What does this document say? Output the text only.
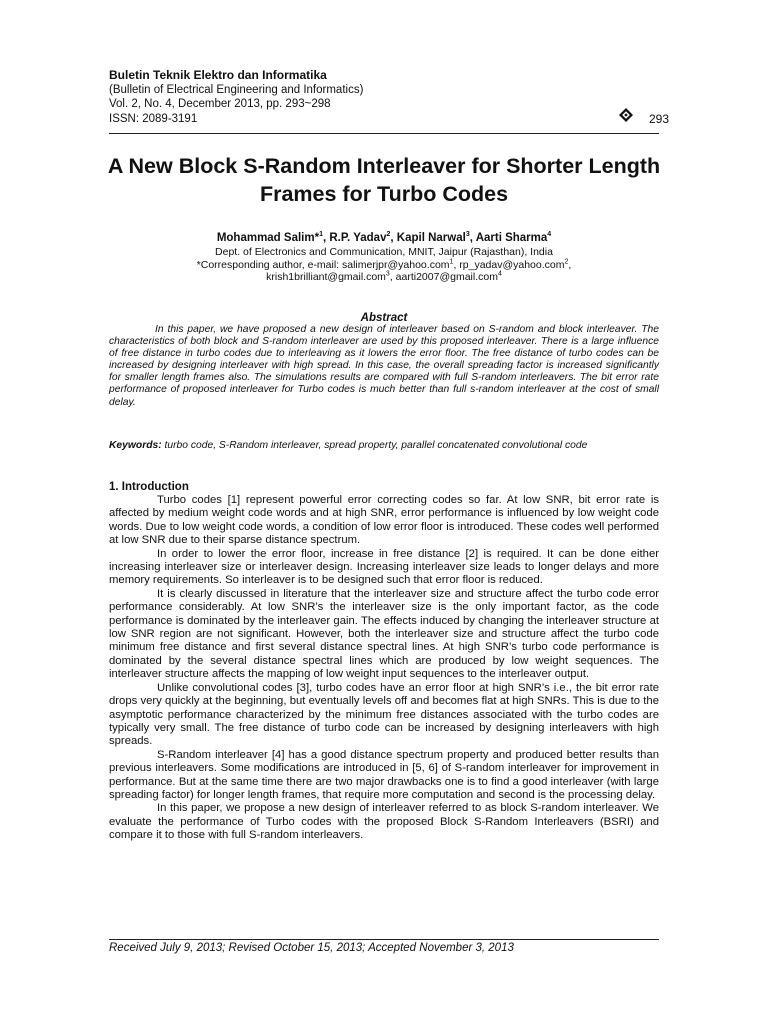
Buletin Teknik Elektro dan Informatika
(Bulletin of Electrical Engineering and Informatics)
Vol. 2, No. 4, December 2013, pp. 293~298
ISSN: 2089-3191	293
A New Block S-Random Interleaver for Shorter Length Frames for Turbo Codes
Mohammad Salim*$^1$, R.P. Yadav$^2$, Kapil Narwal$^3$, Aarti Sharma$^4$
Dept. of Electronics and Communication, MNIT, Jaipur (Rajasthan), India
*Corresponding author, e-mail: salimerjpr@yahoo.com$^1$, rp_yadav@yahoo.com$^2$,
krish1brilliant@gmail.com$^3$, aarti2007@gmail.com$^4$
Abstract
In this paper, we have proposed a new design of interleaver based on S-random and block interleaver. The characteristics of both block and S-random interleaver are used by this proposed interleaver. There is a large influence of free distance in turbo codes due to interleaving as it lowers the error floor. The free distance of turbo codes can be increased by designing interleaver with high spread. In this case, the overall spreading factor is increased significantly for smaller length frames also. The simulations results are compared with full S-random interleavers. The bit error rate performance of proposed interleaver for Turbo codes is much better than full s-random interleaver at the cost of small delay.
Keywords: turbo code, S-Random interleaver, spread property, parallel concatenated convolutional code
1. Introduction

Turbo codes [1] represent powerful error correcting codes so far. At low SNR, bit error rate is affected by medium weight code words and at high SNR, error performance is influenced by low weight code words. Due to low weight code words, a condition of low error floor is introduced. These codes well performed at low SNR due to their sparse distance spectrum.

In order to lower the error floor, increase in free distance [2] is required. It can be done either increasing interleaver size or interleaver design. Increasing interleaver size leads to longer delays and more memory requirements. So interleaver is to be designed such that error floor is reduced.

It is clearly discussed in literature that the interleaver size and structure affect the turbo code error performance considerably. At low SNR’s the interleaver size is the only important factor, as the code performance is dominated by the interleaver gain. The effects induced by changing the interleaver structure at low SNR region are not significant. However, both the interleaver size and structure affect the turbo code minimum free distance and first several distance spectral lines. At high SNR’s turbo code performance is dominated by the several distance spectral lines which are produced by low weight sequences. The interleaver structure affects the mapping of low weight input sequences to the interleaver output.

Unlike convolutional codes [3], turbo codes have an error floor at high SNR’s i.e., the bit error rate drops very quickly at the beginning, but eventually levels off and becomes flat at high SNRs. This is due to the asymptotic performance characterized by the minimum free distances associated with the turbo codes are typically very small. The free distance of turbo code can be increased by designing interleavers with high spreads.

S-Random interleaver [4] has a good distance spectrum property and produced better results than previous interleavers. Some modifications are introduced in [5, 6] of S-random interleaver for improvement in performance. But at the same time there are two major drawbacks one is to find a good interleaver (with large spreading factor) for longer length frames, that require more computation and second is the processing delay.

In this paper, we propose a new design of interleaver referred to as block S-random interleaver. We evaluate the performance of Turbo codes with the proposed Block S-Random Interleavers (BSRI) and compare it to those with full S-random interleavers.

Received July 9, 2013; Revised October 15, 2013; Accepted November 3, 2013
